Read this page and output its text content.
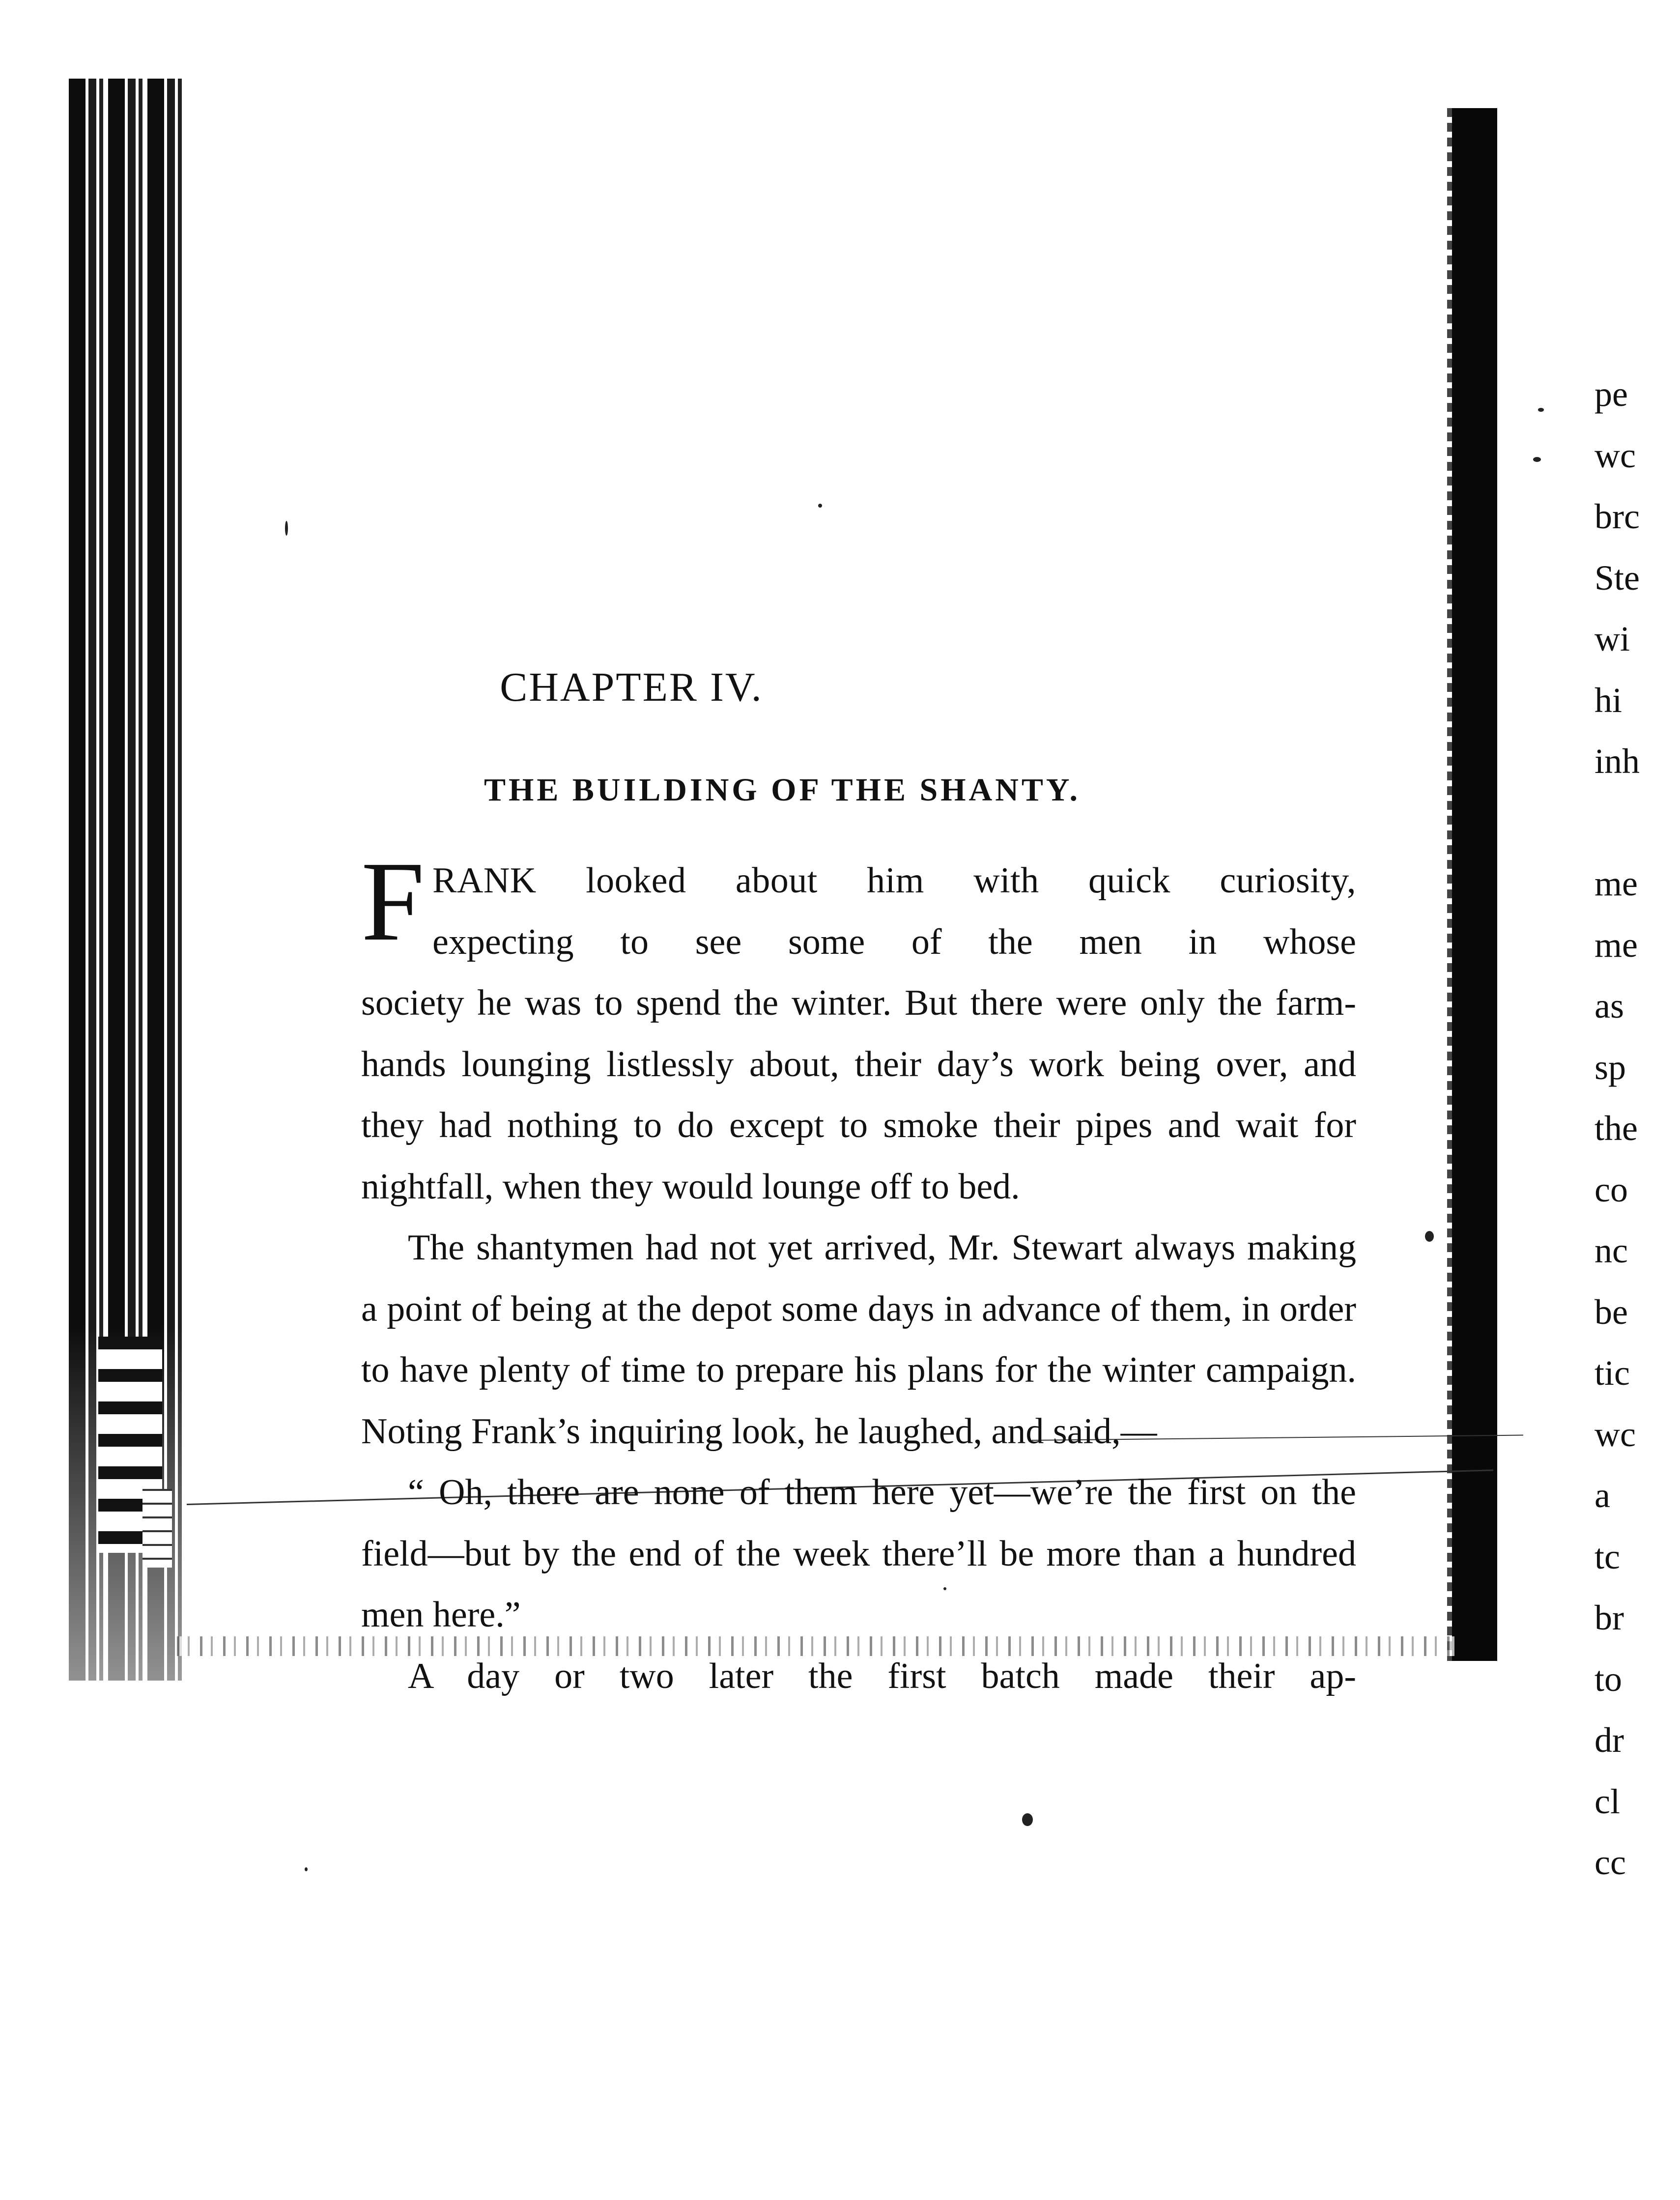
CHAPTER IV.
THE BUILDING OF THE SHANTY.

FRANK looked about him with quick curiosity,
expecting to see some of the men in whose

society he was to spend the winter. But there were only the farm-hands lounging listlessly about, their day’s work being over, and they had nothing to do except to smoke their pipes and wait for nightfall, when they would lounge off to bed.

The shantymen had not yet arrived, Mr. Stewart always making a point of being at the depot some days in advance of them, in order to have plenty of time to prepare his plans for the winter campaign. Noting Frank’s inquiring look, he laughed, and said,—

“ Oh, there are none of them here yet—we’re the first on the field—but by the end of the week there’ll be more than a hundred men here.”

A day or two later the first batch made their ap-

pe
wc
brc
Ste
wi
hi
inh
me
me
as
sp
the
co
nc
be
tic
wc
a
tc
br
to
dr
cl
cc
